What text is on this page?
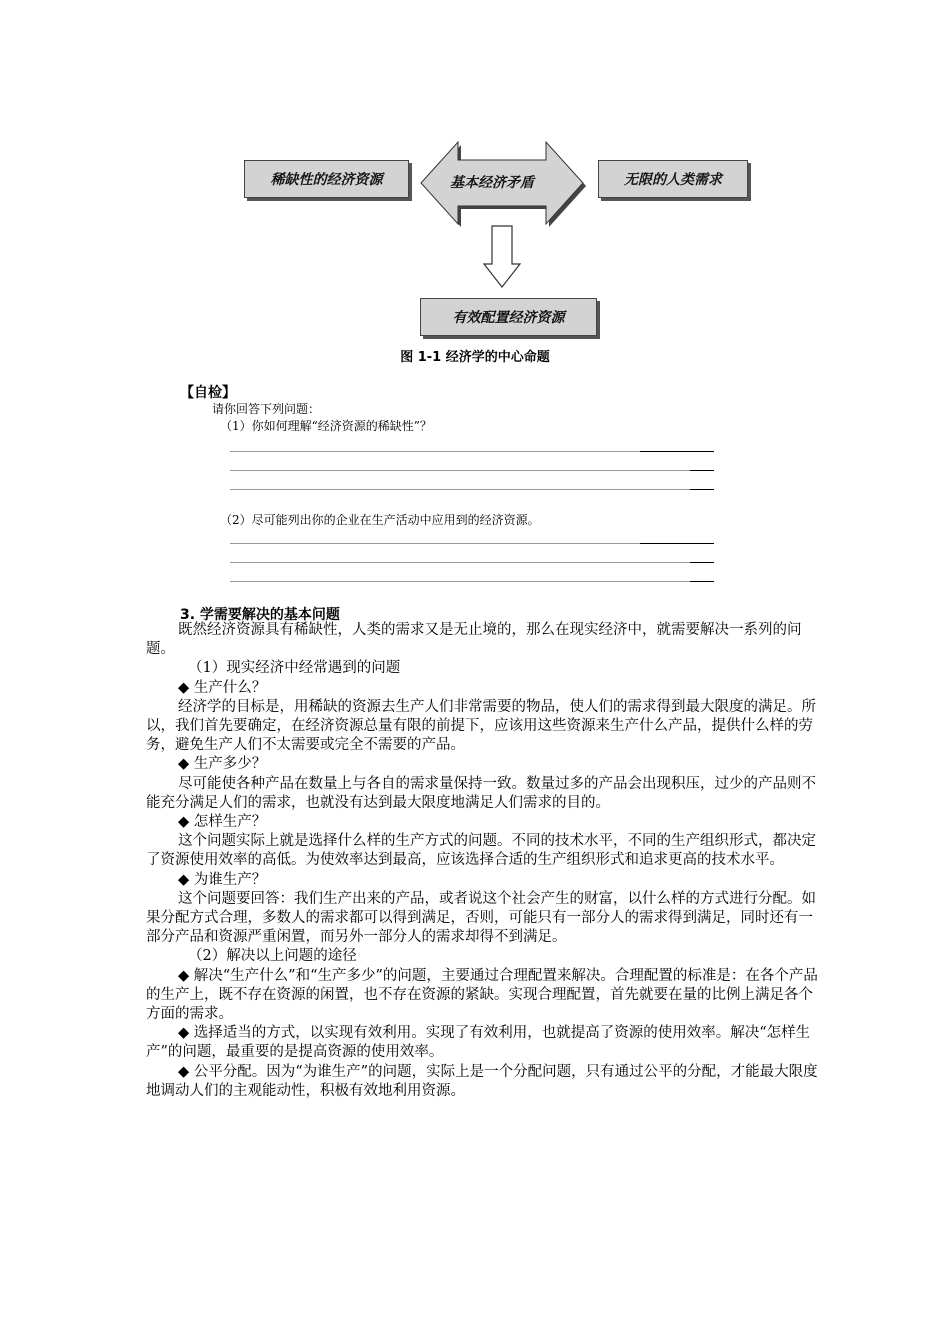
稀缺性的经济资源	基本经济矛盾	无限的人类需求
有效配置经济资源
图 1-1 经济学的中心命题
【自检】
请你回答下列问题：
（1）你如何理解“经济资源的稀缺性”？
（2）尽可能列出你的企业在生产活动中应用到的经济资源。
3. 学需要解决的基本问题

既然经济资源具有稀缺性，人类的需求又是无止境的，那么在现实经济中，就需要解决一系列的问题。

（1）现实经济中经常遇到的问题

◆ 生产什么？

经济学的目标是，用稀缺的资源去生产人们非常需要的物品，使人们的需求得到最大限度的满足。所以，我们首先要确定，在经济资源总量有限的前提下，应该用这些资源来生产什么产品，提供什么样的劳务，避免生产人们不太需要或完全不需要的产品。

◆ 生产多少？

尽可能使各种产品在数量上与各自的需求量保持一致。数量过多的产品会出现积压，过少的产品则不能充分满足人们的需求，也就没有达到最大限度地满足人们需求的目的。

◆ 怎样生产？

这个问题实际上就是选择什么样的生产方式的问题。不同的技术水平，不同的生产组织形式，都决定了资源使用效率的高低。为使效率达到最高，应该选择合适的生产组织形式和追求更高的技术水平。

◆ 为谁生产？

这个问题要回答：我们生产出来的产品，或者说这个社会产生的财富，以什么样的方式进行分配。如果分配方式合理，多数人的需求都可以得到满足，否则，可能只有一部分人的需求得到满足，同时还有一部分产品和资源严重闲置，而另外一部分人的需求却得不到满足。

（2）解决以上问题的途径

◆ 解决“生产什么”和“生产多少”的问题，主要通过合理配置来解决。合理配置的标准是：在各个产品的生产上，既不存在资源的闲置，也不存在资源的紧缺。实现合理配置，首先就要在量的比例上满足各个方面的需求。

◆ 选择适当的方式，以实现有效利用。实现了有效利用，也就提高了资源的使用效率。解决“怎样生产”的问题，最重要的是提高资源的使用效率。

◆ 公平分配。因为“为谁生产”的问题，实际上是一个分配问题，只有通过公平的分配，才能最大限度地调动人们的主观能动性，积极有效地利用资源。
